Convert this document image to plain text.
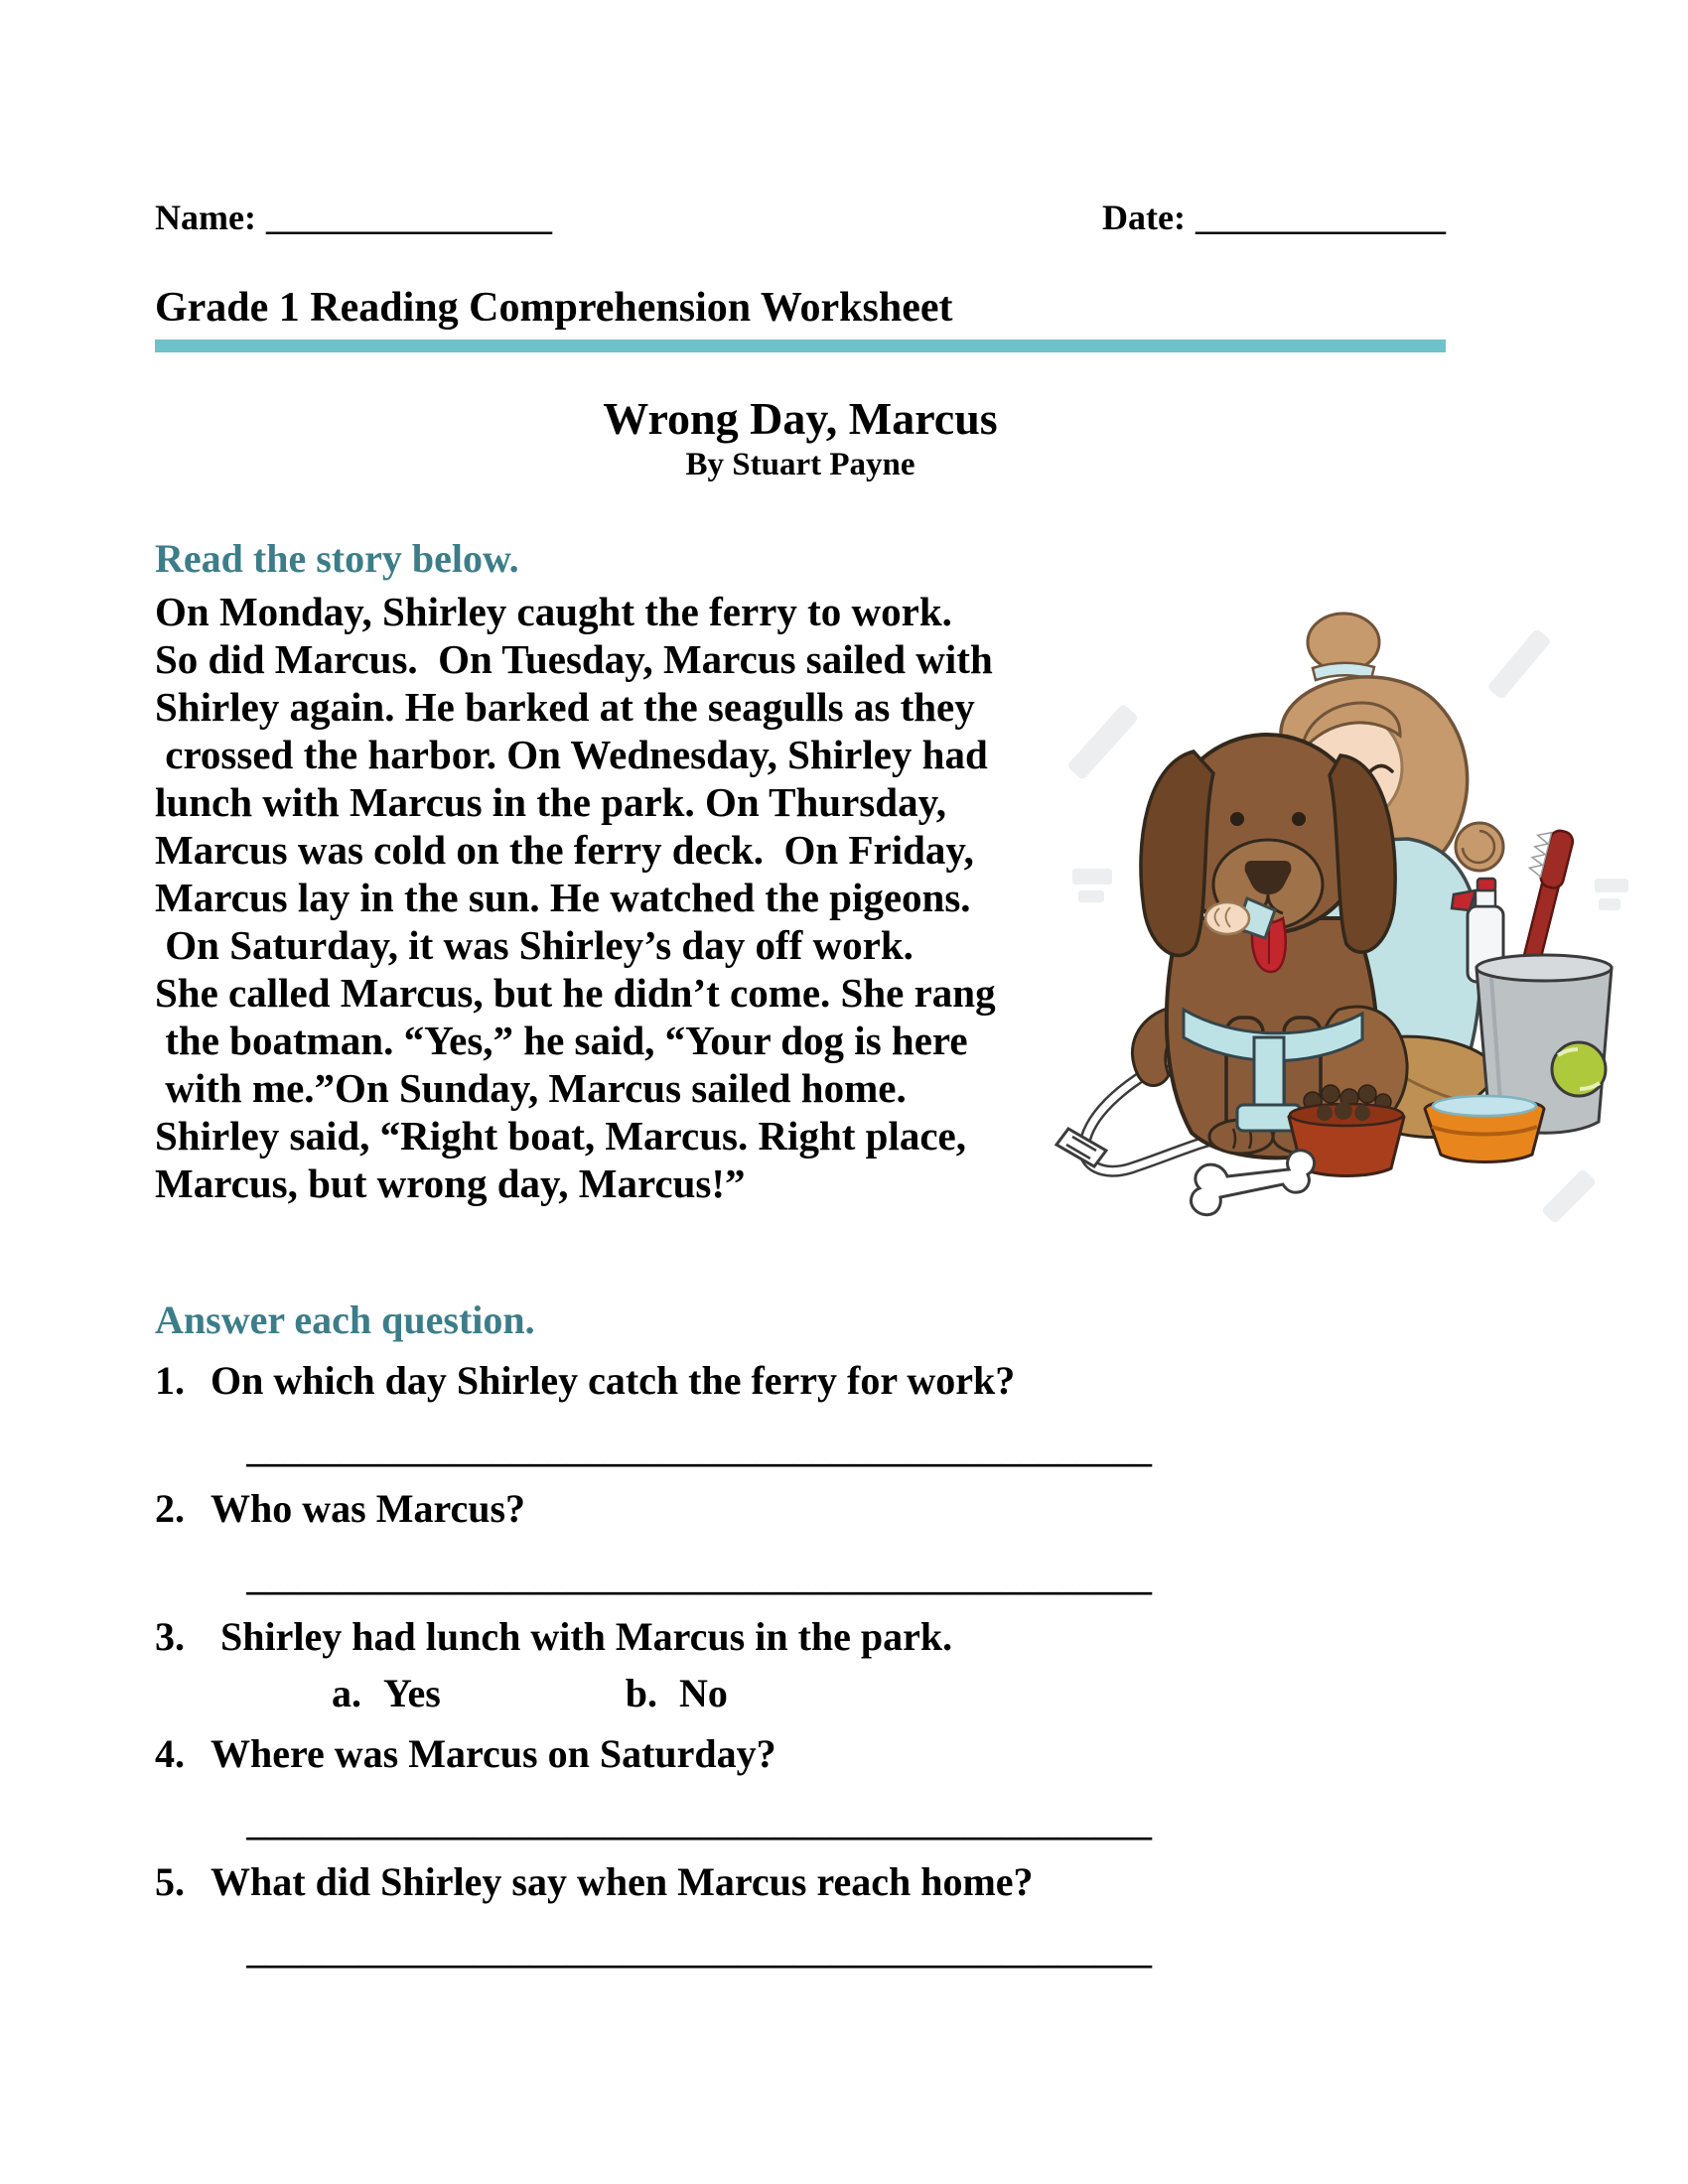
Name: ________________	Date: ______________
Grade 1 Reading Comprehension Worksheet
Wrong Day, Marcus
By Stuart Payne
Read the story below.
On Monday, Shirley caught the ferry to work.
So did Marcus.  On Tuesday, Marcus sailed with
Shirley again. He barked at the seagulls as they
crossed the harbor. On Wednesday, Shirley had
lunch with Marcus in the park. On Thursday,
Marcus was cold on the ferry deck.  On Friday,
Marcus lay in the sun. He watched the pigeons.
On Saturday, it was Shirley’s day off work.
She called Marcus, but he didn’t come. She rang
the boatman. “Yes,” he said, “Your dog is here
with me.”On Sunday, Marcus sailed home.
Shirley said, “Right boat, Marcus. Right place,
Marcus, but wrong day, Marcus!”
Answer each question.
1. On which day Shirley catch the ferry for work?
________________________________________________
2. Who was Marcus?
________________________________________________
3. Shirley had lunch with Marcus in the park.
a. Yes	b. No
4. Where was Marcus on Saturday?
________________________________________________
5. What did Shirley say when Marcus reach home?
________________________________________________
